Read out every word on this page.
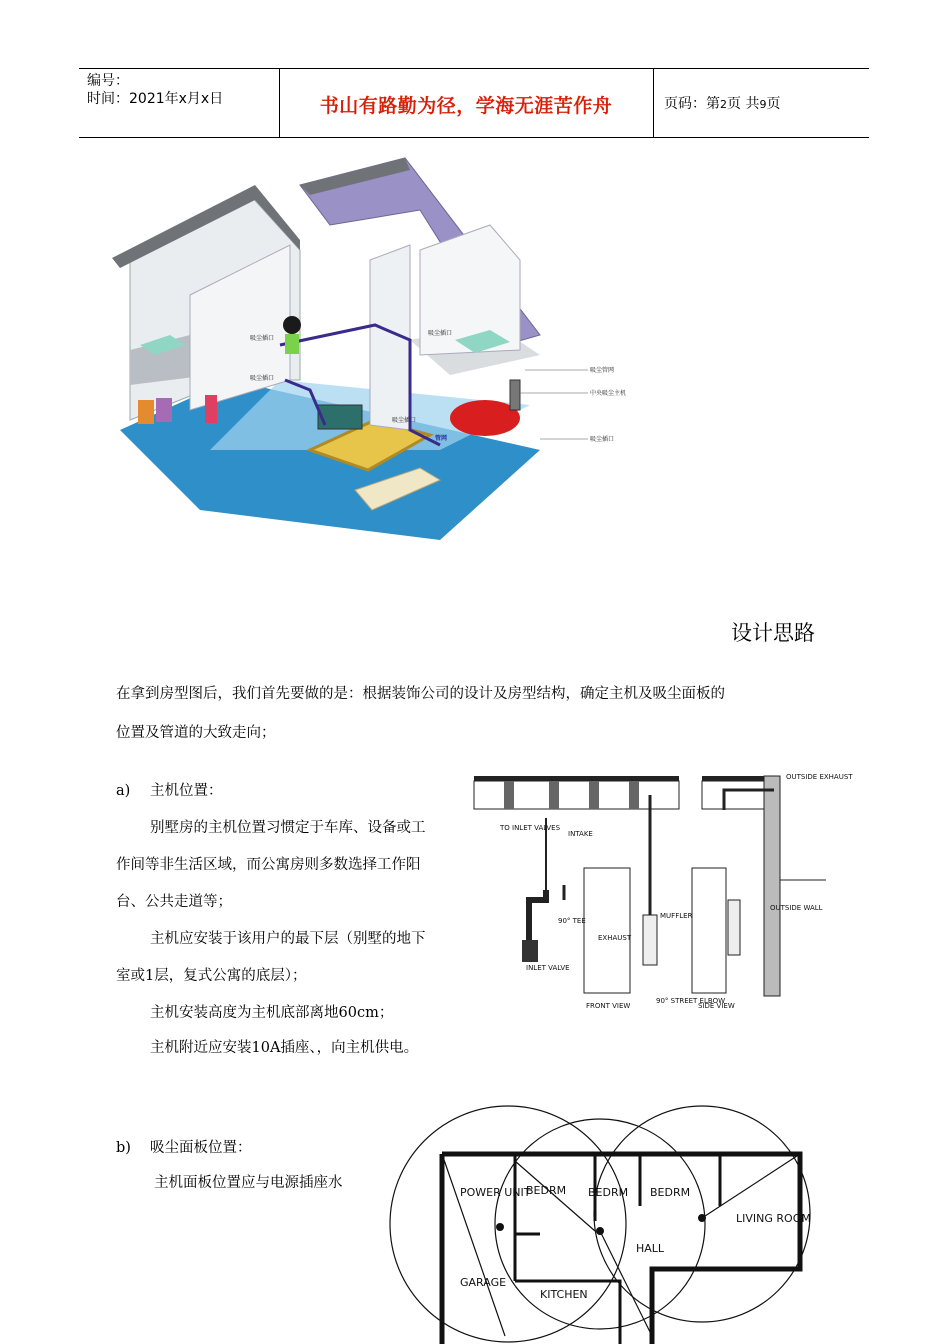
编号：
时间：2021年x月x日	书山有路勤为径，学海无涯苦作舟	页码：第2页 共9页
吸尘插口
吸尘插口
吸尘插口
吸尘插口
管网
吸尘管网
中央吸尘主机
吸尘插口
设计思路
在拿到房型图后，我们首先要做的是：根据装饰公司的设计及房型结构，确定主机及吸尘面板的
位置及管道的大致走向；
a) 主机位置：
别墅房的主机位置习惯定于车库、设备或工
作间等非生活区域，而公寓房则多数选择工作阳
台、公共走道等；
主机应安装于该用户的最下层（别墅的地下
室或1层，复式公寓的底层）；
主机安装高度为主机底部离地60cm；
主机附近应安装10A插座、，向主机供电。
TO INLET VALVES
INTAKE
90° TEE
EXHAUST
MUFFLER
INLET VALVE
FRONT VIEW
90° STREET ELBOW
SIDE VIEW
OUTSIDE EXHAUST
OUTSIDE WALL
b) 吸尘面板位置：
主机面板位置应与电源插座水
POWER UNIT
BEDRM BEDRM BEDRM
LIVING ROOM
HALL
GARAGE
KITCHEN
